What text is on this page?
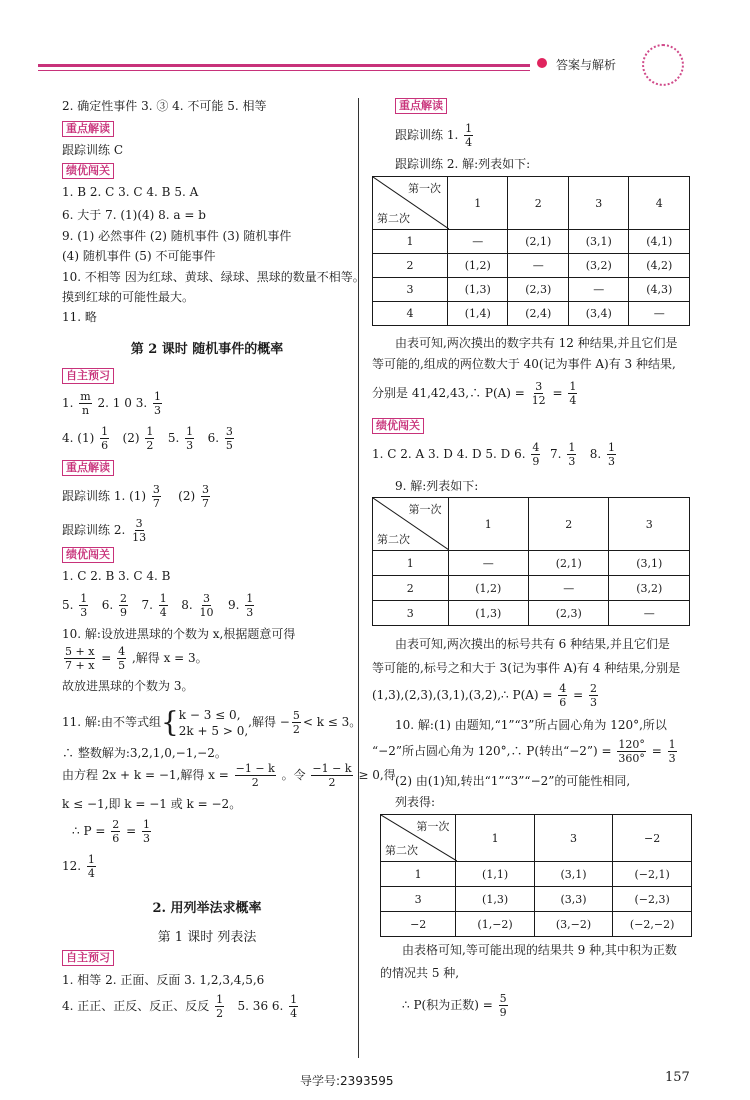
答案与解析
2. 确定性事件 3. ③ 4. 不可能 5. 相等
重点解读
跟踪训练 C
绩优闯关
1. B 2. C 3. C 4. B 5. A
6. 大于 7. (1)(4) 8. a = b
9. (1) 必然事件 (2) 随机事件 (3) 随机事件
(4) 随机事件 (5) 不可能事件
10. 不相等 因为红球、黄球、绿球、黑球的数量不相等。
摸到红球的可能性最大。
11. 略
第 2 课时 随机事件的概率
自主预习
1. $\frac{m}{n} 2$. 1 0 3. $\frac{1}{3}$
4. $(1) \frac{1}{6} (2) \frac{1}{2} 5$. $\frac{1}{3} 6$. $\frac{3}{5}$
重点解读
跟踪训练 1. $(1) \frac{3}{7} (2) \frac{3}{7}$
跟踪训练 2. $\frac{3}{13}$
绩优闯关
1. C 2. B 3. C 4. B
5. $\frac{1}{3} 6$. $\frac{2}{9} 7$. $\frac{1}{4} 8$. $\frac{3}{10} 9$. $\frac{1}{3}$
10. 解:设放进黑球的个数为 x,根据题意可得
$\frac{5 + x}{7 + x} = \frac{4}{5}$ ,解得 x = 3。
故放进黑球的个数为 3。
11. 解:由不等式组{ k − 3 ≤ 0,
2k + 5 > 0,
,解得 − $\frac{5}{2} < k \le 3$。
∴ 整数解为:3,2,1,0,−1,−2。
由方程 2x + k = −1,解得 $x = \frac{-1 - k}{2}$ 。令 $\frac{-1 - k}{2} \ge 0$,得
k ≤ −1,即 k = −1 或 k = −2。
∴ $P = \frac{2}{6} = \frac{1}{3}$
12. $\frac{1}{4}$
2. 用列举法求概率
第 1 课时 列表法
自主预习
1. 相等 2. 正面、反面 3. 1,2,3,4,5,6
4. 正正、正反、反正、反反 $\frac{1}{2} 5$. 36 6. $\frac{1}{4}$
重点解读
跟踪训练 1. $\frac{1}{4}$
跟踪训练 2. 解:列表如下:
第一次
第二次	1	2	3	4
1	—	(2,1)	(3,1)	(4,1)
2	(1,2)	—	(3,2)	(4,2)
3	(1,3)	(2,3)	—	(4,3)
4	(1,4)	(2,4)	(3,4)	—
由表可知,两次摸出的数字共有 12 种结果,并且它们是
等可能的,组成的两位数大于 40(记为事件 A)有 3 种结果,
分别是 41,42,43,∴ $P(A) = \frac{3}{12} = \frac{1}{4}$
绩优闯关
1. C 2. A 3. D 4. D 5. D 6. $\frac{4}{9} 7$. $\frac{1}{3} 8$. $\frac{1}{3}$
9. 解:列表如下:
第一次
第二次	1	2	3
1	—	(2,1)	(3,1)
2	(1,2)	—	(3,2)
3	(1,3)	(2,3)	—
由表可知,两次摸出的标号共有 6 种结果,并且它们是
等可能的,标号之和大于 3(记为事件 A)有 4 种结果,分别是
(1,3),(2,3),(3,1),(3,2),∴ $P(A) = \frac{4}{6} = \frac{2}{3}$
10. 解:(1) 由题知,“1”“3”所占圆心角为 120°,所以
“−2”所占圆心角为 120°,∴ P(转出“−2”) = $\frac{120^\circ}{360^\circ} = \frac{1}{3}$
(2) 由(1)知,转出“1”“3”“−2”的可能性相同,
列表得:
第一次
第二次	1	3	−2
1	(1,1)	(3,1)	(−2,1)
3	(1,3)	(3,3)	(−2,3)
−2	(1,−2)	(3,−2)	(−2,−2)
由表格可知,等可能出现的结果共 9 种,其中积为正数
的情况共 5 种,
∴ P(积为正数) = $\frac{5}{9}$
导学号:2393595	157
